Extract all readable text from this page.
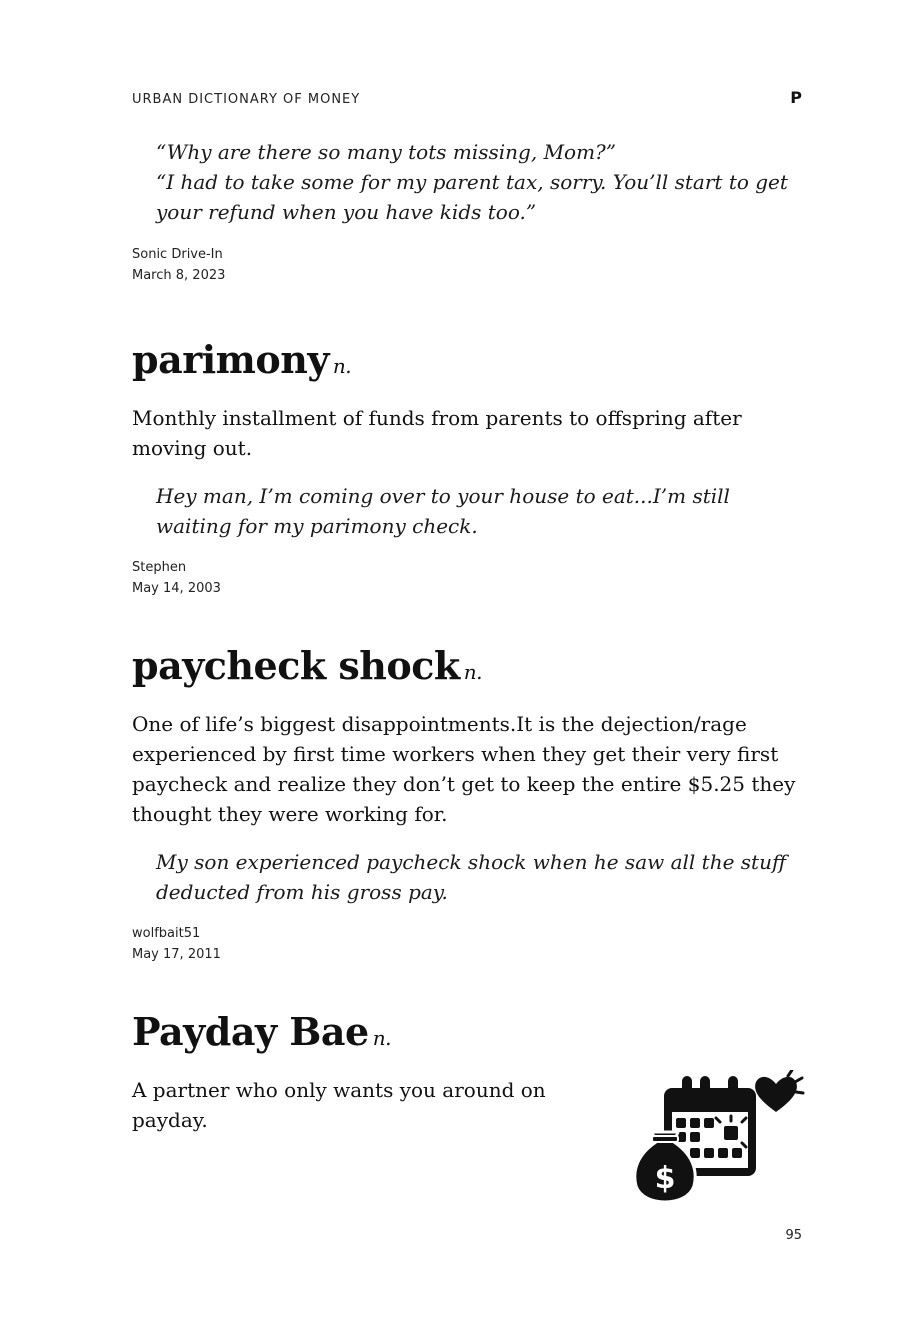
URBAN DICTIONARY OF MONEY	P

“Why are there so many tots missing, Mom?”

“I had to take some for my parent tax, sorry. You’ll start to get your refund when you have kids too.”

Sonic Drive-In
March 8, 2023
parimony n.

Monthly installment of funds from parents to offspring after moving out.

Hey man, I’m coming over to your house to eat...I’m still waiting for my parimony check.

Stephen
May 14, 2003
paycheck shock n.

One of life’s biggest disappointments.It is the dejection/rage experienced by first time workers when they get their very first paycheck and realize they don’t get to keep the entire $5.25 they thought they were working for.

My son experienced paycheck shock when he saw all the stuff deducted from his gross pay.

wolfbait51
May 17, 2011
Payday Bae n.

A partner who only wants you around on payday.

$
95
